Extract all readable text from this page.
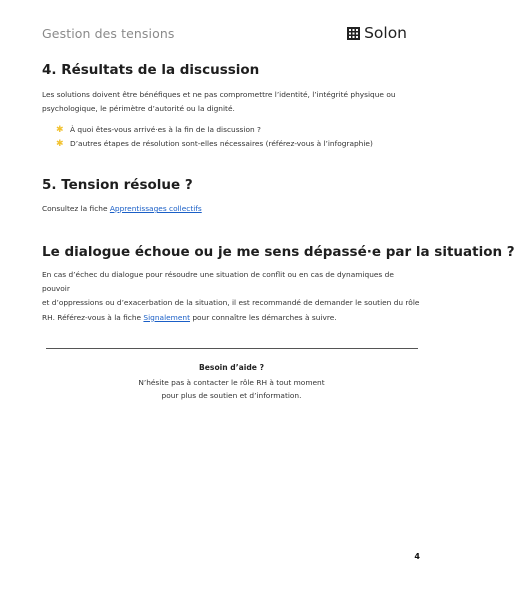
Gestion des tensions	Solon
4. Résultats de la discussion

Les solutions doivent être bénéfiques et ne pas compromettre l’identité, l’intégrité physique ou
psychologique, le périmètre d’autorité ou la dignité.

✱ À quoi êtes-vous arrivé·es à la fin de la discussion ?
✱ D’autres étapes de résolution sont-elles nécessaires (référez-vous à l’infographie)
5. Tension résolue ?

Consultez la fiche Apprentissages collectifs

Le dialogue échoue ou je me sens dépassé·e par la situation ?

En cas d’échec du dialogue pour résoudre une situation de conflit ou en cas de dynamiques de pouvoir
et d’oppressions ou d’exacerbation de la situation, il est recommandé de demander le soutien du rôle
RH. Référez-vous à la fiche Signalement pour connaître les démarches à suivre.

Besoin d’aide ?
N’hésite pas à contacter le rôle RH à tout moment
pour plus de soutien et d’information.
4
